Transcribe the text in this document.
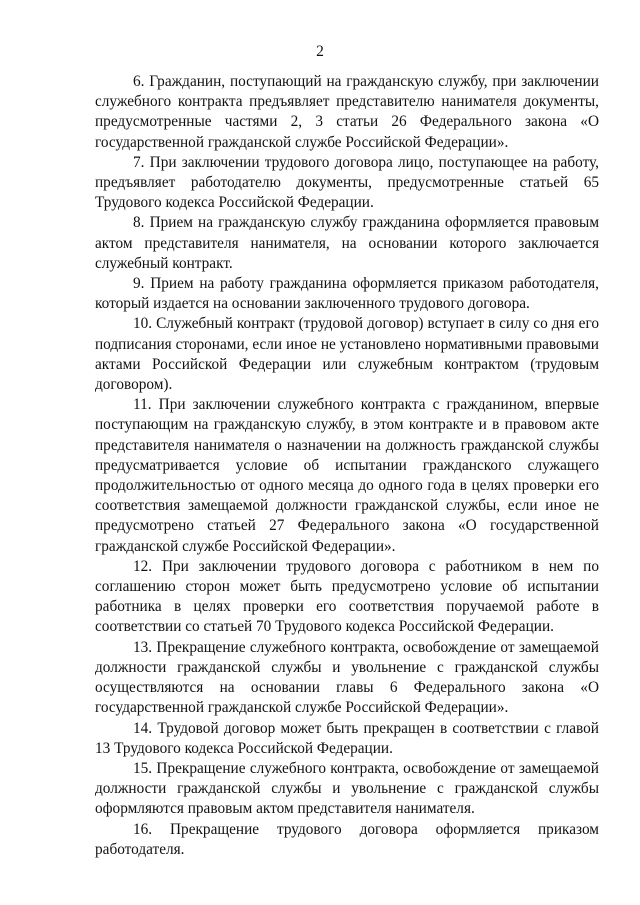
2

6. Гражданин, поступающий на гражданскую службу, при заключении служебного контракта предъявляет представителю нанимателя документы, предусмотренные частями 2, 3 статьи 26 Федерального закона «О государственной гражданской службе Российской Федерации».

7. При заключении трудового договора лицо, поступающее на работу, предъявляет работодателю документы, предусмотренные статьей 65 Трудового кодекса Российской Федерации.

8. Прием на гражданскую службу гражданина оформляется правовым актом представителя нанимателя, на основании которого заключается служебный контракт.

9. Прием на работу гражданина оформляется приказом работодателя, который издается на основании заключенного трудового договора.

10. Служебный контракт (трудовой договор) вступает в силу со дня его подписания сторонами, если иное не установлено нормативными правовыми актами Российской Федерации или служебным контрактом (трудовым договором).

11. При заключении служебного контракта с гражданином, впервые поступающим на гражданскую службу, в этом контракте и в правовом акте представителя нанимателя о назначении на должность гражданской службы предусматривается условие об испытании гражданского служащего продолжительностью от одного месяца до одного года в целях проверки его соответствия замещаемой должности гражданской службы, если иное не предусмотрено статьей 27 Федерального закона «О государственной гражданской службе Российской Федерации».

12. При заключении трудового договора с работником в нем по соглашению сторон может быть предусмотрено условие об испытании работника в целях проверки его соответствия поручаемой работе в соответствии со статьей 70 Трудового кодекса Российской Федерации.

13. Прекращение служебного контракта, освобождение от замещаемой должности гражданской службы и увольнение с гражданской службы осуществляются на основании главы 6 Федерального закона «О государственной гражданской службе Российской Федерации».

14. Трудовой договор может быть прекращен в соответствии с главой 13 Трудового кодекса Российской Федерации.

15. Прекращение служебного контракта, освобождение от замещаемой должности гражданской службы и увольнение с гражданской службы оформляются правовым актом представителя нанимателя.

16. Прекращение трудового договора оформляется приказом работодателя.
